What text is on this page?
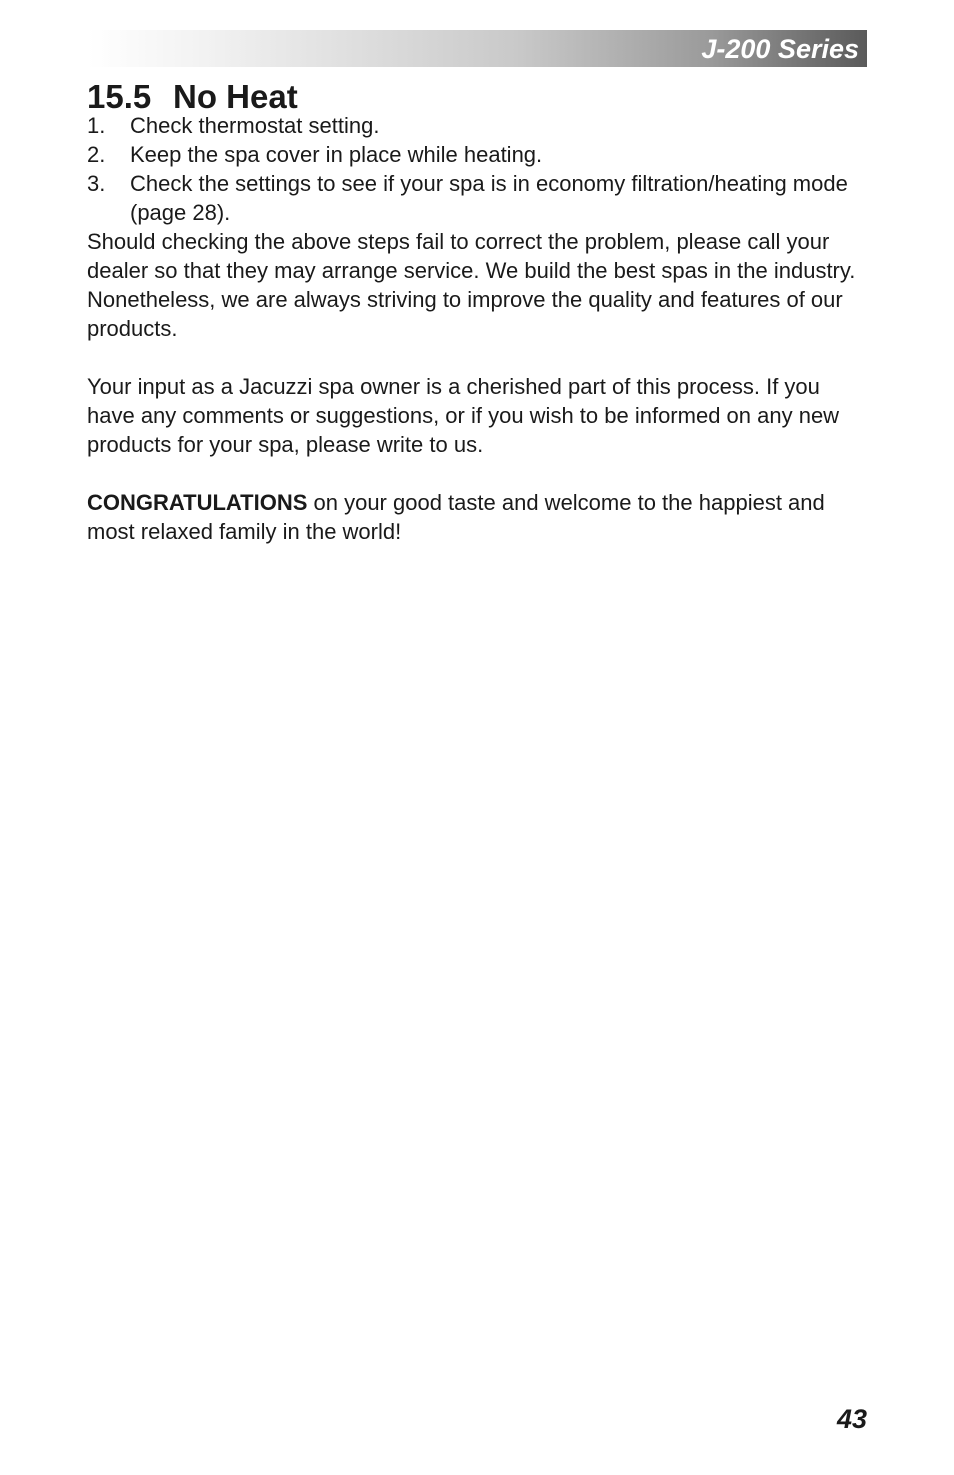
J-200 Series
15.5 No Heat
1. Check thermostat setting.
2. Keep the spa cover in place while heating.
3. Check the settings to see if your spa is in economy filtration/heating mode (page 28).

Should checking the above steps fail to correct the problem, please call your dealer so that they may arrange service. We build the best spas in the industry. Nonetheless, we are always striving to improve the quality and features of our products.

Your input as a Jacuzzi spa owner is a cherished part of this process. If you have any comments or suggestions, or if you wish to be informed on any new products for your spa, please write to us.

CONGRATULATIONS on your good taste and welcome to the happiest and most relaxed family in the world!

43
